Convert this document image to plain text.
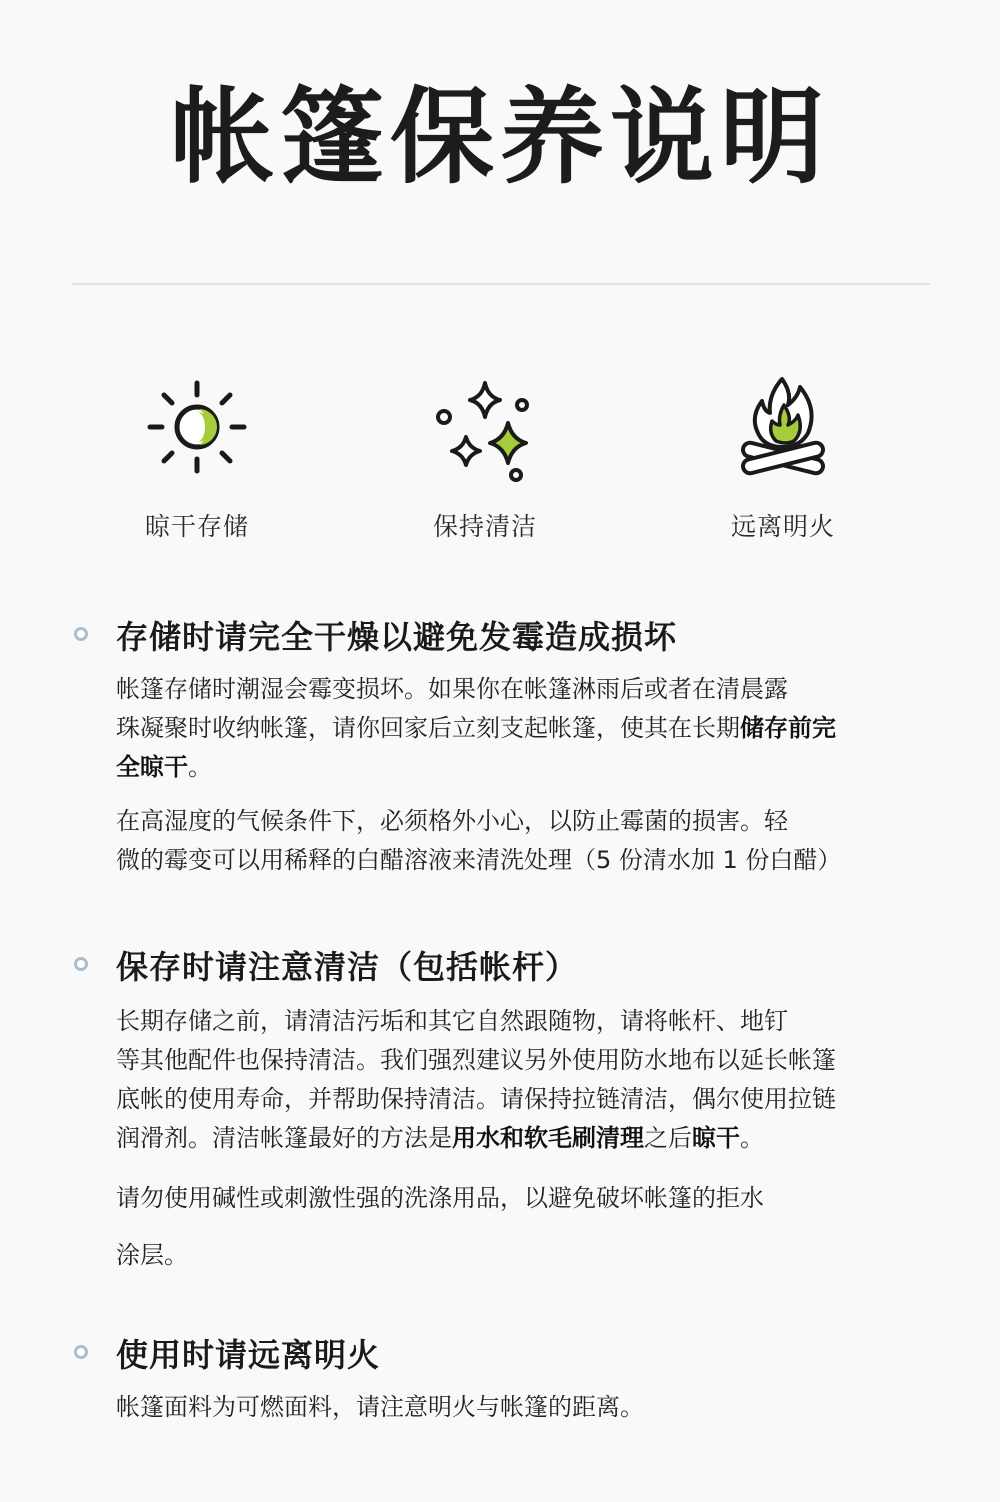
帐篷保养说明
晾干存储	保持清洁	远离明火
存储时请完全干燥以避免发霉造成损坏
帐篷存储时潮湿会霉变损坏。如果你在帐篷淋雨后或者在清晨露
珠凝聚时收纳帐篷，请你回家后立刻支起帐篷，使其在长期储存前完
全晾干。
在高湿度的气候条件下，必须格外小心，以防止霉菌的损害。轻
微的霉变可以用稀释的白醋溶液来清洗处理（5 份清水加 1 份白醋）
保存时请注意清洁（包括帐杆）
长期存储之前，请清洁污垢和其它自然跟随物，请将帐杆、地钉
等其他配件也保持清洁。我们强烈建议另外使用防水地布以延长帐篷
底帐的使用寿命，并帮助保持清洁。请保持拉链清洁，偶尔使用拉链
润滑剂。清洁帐篷最好的方法是用水和软毛刷清理之后晾干。
请勿使用碱性或刺激性强的洗涤用品，以避免破坏帐篷的拒水
涂层。
使用时请远离明火
帐篷面料为可燃面料，请注意明火与帐篷的距离。
